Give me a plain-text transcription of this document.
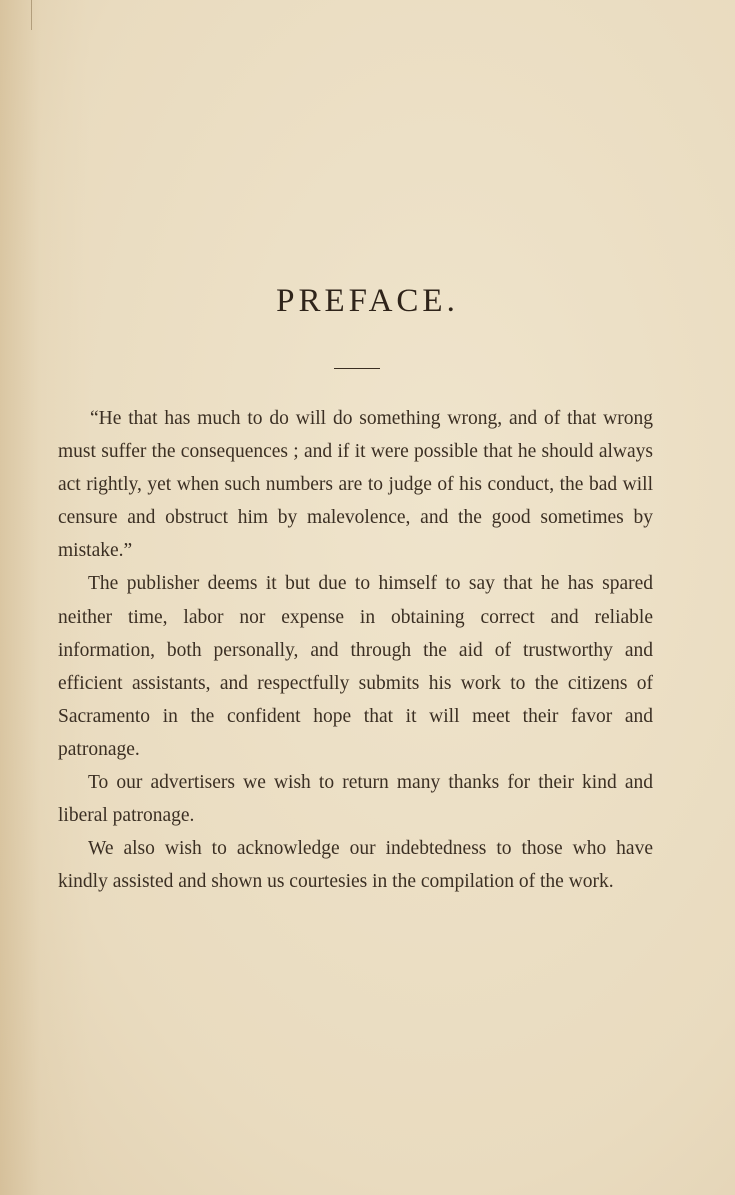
PREFACE.

“He that has much to do will do something wrong, and of that wrong must suffer the consequences ; and if it were possible that he should always act rightly, yet when such numbers are to judge of his conduct, the bad will censure and obstruct him by malevolence, and the good sometimes by mistake.”

The publisher deems it but due to himself to say that he has spared neither time, labor nor expense in obtaining correct and reliable information, both personally, and through the aid of trustworthy and efficient assistants, and respectfully submits his work to the citizens of Sacramento in the confident hope that it will meet their favor and patronage.

To our advertisers we wish to return many thanks for their kind and liberal patronage.

We also wish to acknowledge our indebtedness to those who have kindly assisted and shown us courtesies in the compilation of the work.
